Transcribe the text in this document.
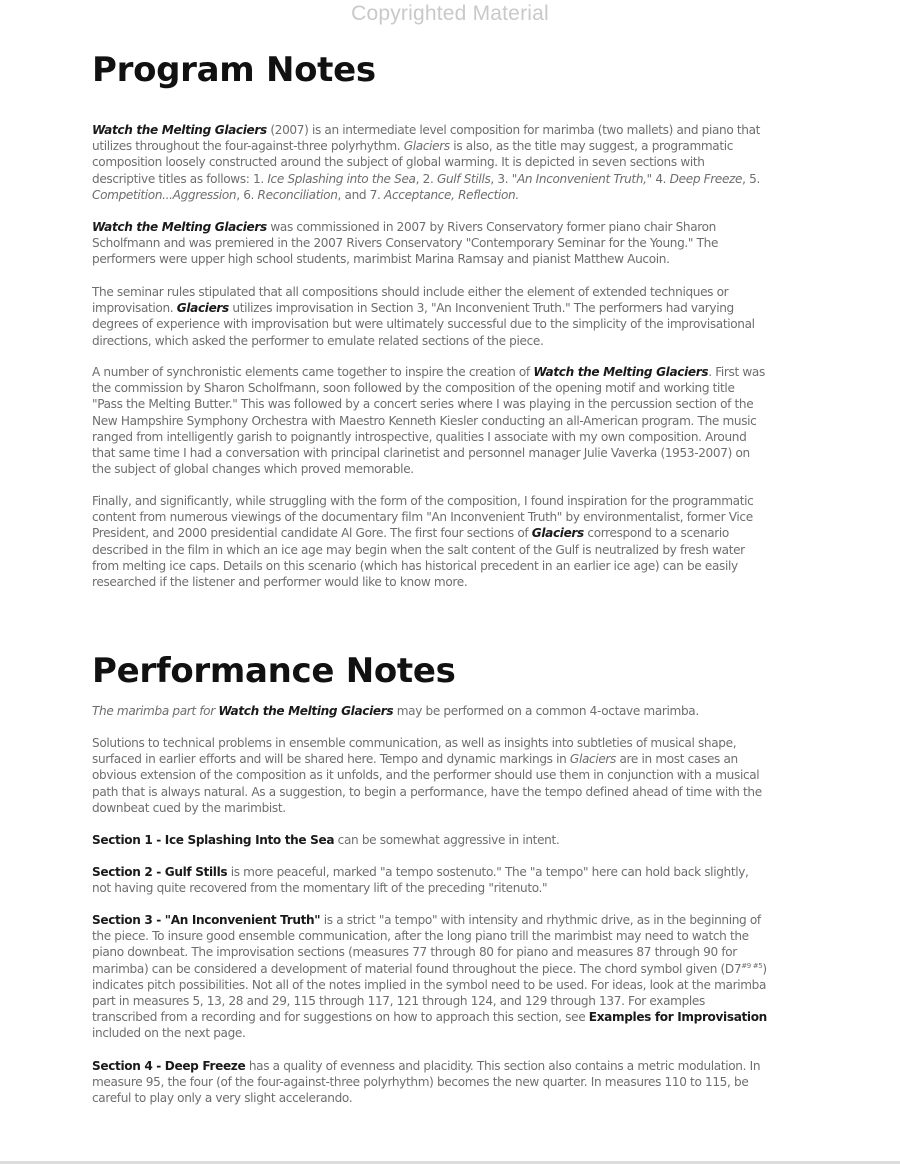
Copyrighted Material
Program Notes

Watch the Melting Glaciers (2007) is an intermediate level composition for marimba (two mallets) and piano that utilizes throughout the four-against-three polyrhythm. Glaciers is also, as the title may suggest, a programmatic composition loosely constructed around the subject of global warming. It is depicted in seven sections with descriptive titles as follows: 1. Ice Splashing into the Sea, 2. Gulf Stills, 3. "An Inconvenient Truth," 4. Deep Freeze, 5. Competition...Aggression, 6. Reconciliation, and 7. Acceptance, Reflection.

Watch the Melting Glaciers was commissioned in 2007 by Rivers Conservatory former piano chair Sharon Scholfmann and was premiered in the 2007 Rivers Conservatory "Contemporary Seminar for the Young." The performers were upper high school students, marimbist Marina Ramsay and pianist Matthew Aucoin.

The seminar rules stipulated that all compositions should include either the element of extended techniques or improvisation. Glaciers utilizes improvisation in Section 3, "An Inconvenient Truth." The performers had varying degrees of experience with improvisation but were ultimately successful due to the simplicity of the improvisational directions, which asked the performer to emulate related sections of the piece.

A number of synchronistic elements came together to inspire the creation of Watch the Melting Glaciers. First was the commission by Sharon Scholfmann, soon followed by the composition of the opening motif and working title "Pass the Melting Butter." This was followed by a concert series where I was playing in the percussion section of the New Hampshire Symphony Orchestra with Maestro Kenneth Kiesler conducting an all-American program. The music ranged from intelligently garish to poignantly introspective, qualities I associate with my own composition. Around that same time I had a conversation with principal clarinetist and personnel manager Julie Vaverka (1953-2007) on the subject of global changes which proved memorable.

Finally, and significantly, while struggling with the form of the composition, I found inspiration for the programmatic content from numerous viewings of the documentary film "An Inconvenient Truth" by environmentalist, former Vice President, and 2000 presidential candidate Al Gore. The first four sections of Glaciers correspond to a scenario described in the film in which an ice age may begin when the salt content of the Gulf is neutralized by fresh water from melting ice caps. Details on this scenario (which has historical precedent in an earlier ice age) can be easily researched if the listener and performer would like to know more.

Performance Notes

The marimba part for Watch the Melting Glaciers may be performed on a common 4-octave marimba.

Solutions to technical problems in ensemble communication, as well as insights into subtleties of musical shape, surfaced in earlier efforts and will be shared here. Tempo and dynamic markings in Glaciers are in most cases an obvious extension of the composition as it unfolds, and the performer should use them in conjunction with a musical path that is always natural. As a suggestion, to begin a performance, have the tempo defined ahead of time with the downbeat cued by the marimbist.

Section 1 - Ice Splashing Into the Sea can be somewhat aggressive in intent.

Section 2 - Gulf Stills is more peaceful, marked "a tempo sostenuto." The "a tempo" here can hold back slightly, not having quite recovered from the momentary lift of the preceding "ritenuto."

Section 3 - "An Inconvenient Truth" is a strict "a tempo" with intensity and rhythmic drive, as in the beginning of the piece. To insure good ensemble communication, after the long piano trill the marimbist may need to watch the piano downbeat. The improvisation sections (measures 77 through 80 for piano and measures 87 through 90 for marimba) can be considered a development of material found throughout the piece. The chord symbol given $(D7^{\#9 \#5})$ indicates pitch possibilities. Not all of the notes implied in the symbol need to be used. For ideas, look at the marimba part in measures 5, 13, 28 and 29, 115 through 117, 121 through 124, and 129 through 137. For examples transcribed from a recording and for suggestions on how to approach this section, see Examples for Improvisation included on the next page.

Section 4 - Deep Freeze has a quality of evenness and placidity. This section also contains a metric modulation. In measure 95, the four (of the four-against-three polyrhythm) becomes the new quarter. In measures 110 to 115, be careful to play only a very slight accelerando.
